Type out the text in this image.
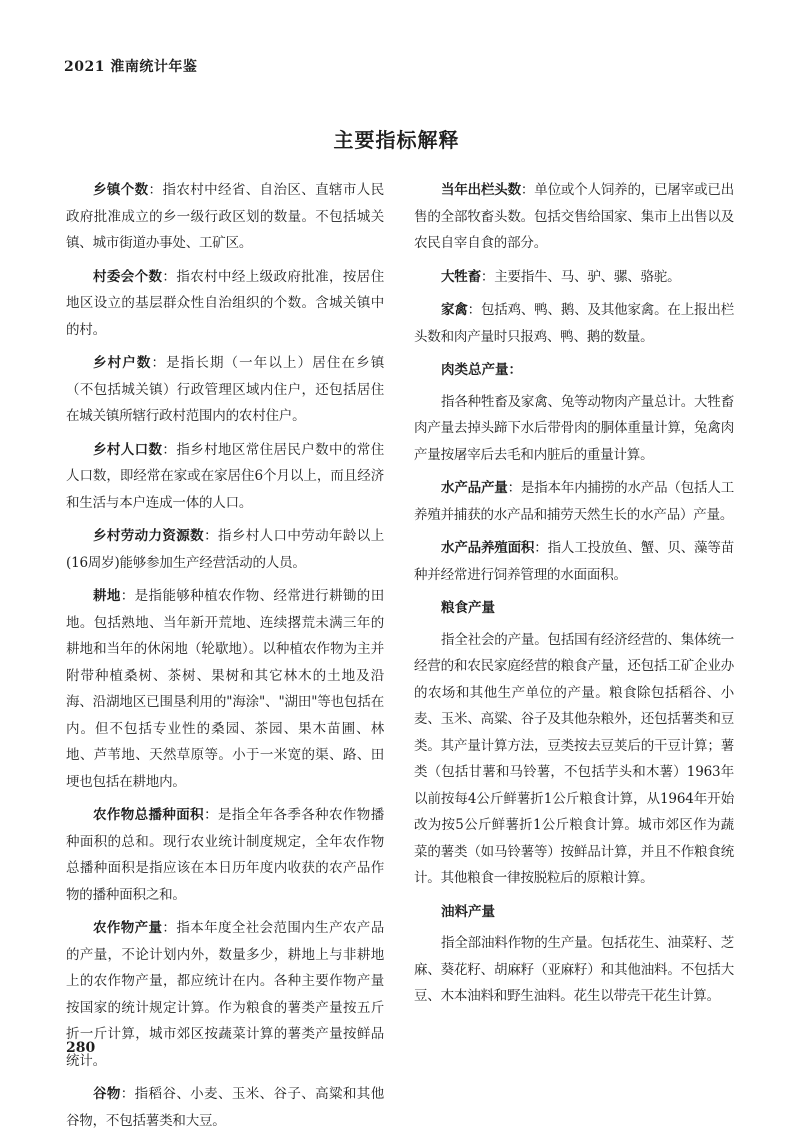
2021 淮南统计年鉴
主要指标解释

乡镇个数：指农村中经省、自治区、直辖市人民政府批准成立的乡一级行政区划的数量。不包括城关镇、城市街道办事处、工矿区。

村委会个数：指农村中经上级政府批准，按居住地区设立的基层群众性自治组织的个数。含城关镇中的村。

乡村户数：是指长期（一年以上）居住在乡镇（不包括城关镇）行政管理区域内住户，还包括居住在城关镇所辖行政村范围内的农村住户。

乡村人口数：指乡村地区常住居民户数中的常住人口数，即经常在家或在家居住6个月以上，而且经济和生活与本户连成一体的人口。

乡村劳动力资源数：指乡村人口中劳动年龄以上(16周岁)能够参加生产经营活动的人员。

耕地：是指能够种植农作物、经常进行耕锄的田地。包括熟地、当年新开荒地、连续撂荒未满三年的耕地和当年的休闲地（轮歇地）。以种植农作物为主并附带种植桑树、茶树、果树和其它林木的土地及沿海、沿湖地区已围垦利用的"海涂"、"湖田"等也包括在内。但不包括专业性的桑园、茶园、果木苗圃、林地、芦苇地、天然草原等。小于一米宽的渠、路、田埂也包括在耕地内。

农作物总播种面积：是指全年各季各种农作物播种面积的总和。现行农业统计制度规定，全年农作物总播种面积是指应该在本日历年度内收获的农产品作物的播种面积之和。

农作物产量：指本年度全社会范围内生产农产品的产量，不论计划内外，数量多少，耕地上与非耕地上的农作物产量，都应统计在内。各种主要作物产量按国家的统计规定计算。作为粮食的薯类产量按五斤折一斤计算，城市郊区按蔬菜计算的薯类产量按鲜品统计。

谷物：指稻谷、小麦、玉米、谷子、高粱和其他谷物，不包括薯类和大豆。

当年出栏头数：单位或个人饲养的，已屠宰或已出售的全部牧畜头数。包括交售给国家、集市上出售以及农民自宰自食的部分。

大牲畜：主要指牛、马、驴、骡、骆驼。

家禽：包括鸡、鸭、鹅、及其他家禽。在上报出栏头数和肉产量时只报鸡、鸭、鹅的数量。

肉类总产量：

指各种牲畜及家禽、兔等动物肉产量总计。大牲畜肉产量去掉头蹄下水后带骨肉的胴体重量计算，兔禽肉产量按屠宰后去毛和内脏后的重量计算。

水产品产量：是指本年内捕捞的水产品（包括人工养殖并捕获的水产品和捕劳天然生长的水产品）产量。

水产品养殖面积：指人工投放鱼、蟹、贝、藻等苗种并经常进行饲养管理的水面面积。

粮食产量

指全社会的产量。包括国有经济经营的、集体统一经营的和农民家庭经营的粮食产量，还包括工矿企业办的农场和其他生产单位的产量。粮食除包括稻谷、小麦、玉米、高粱、谷子及其他杂粮外，还包括薯类和豆类。其产量计算方法，豆类按去豆荚后的干豆计算；薯类（包括甘薯和马铃薯，不包括芋头和木薯）1963年以前按每4公斤鲜薯折1公斤粮食计算，从1964年开始改为按5公斤鲜薯折1公斤粮食计算。城市郊区作为蔬菜的薯类（如马铃薯等）按鲜品计算，并且不作粮食统计。其他粮食一律按脱粒后的原粮计算。

油料产量

指全部油料作物的生产量。包括花生、油菜籽、芝麻、葵花籽、胡麻籽（亚麻籽）和其他油料。不包括大豆、木本油料和野生油料。花生以带壳干花生计算。

280
